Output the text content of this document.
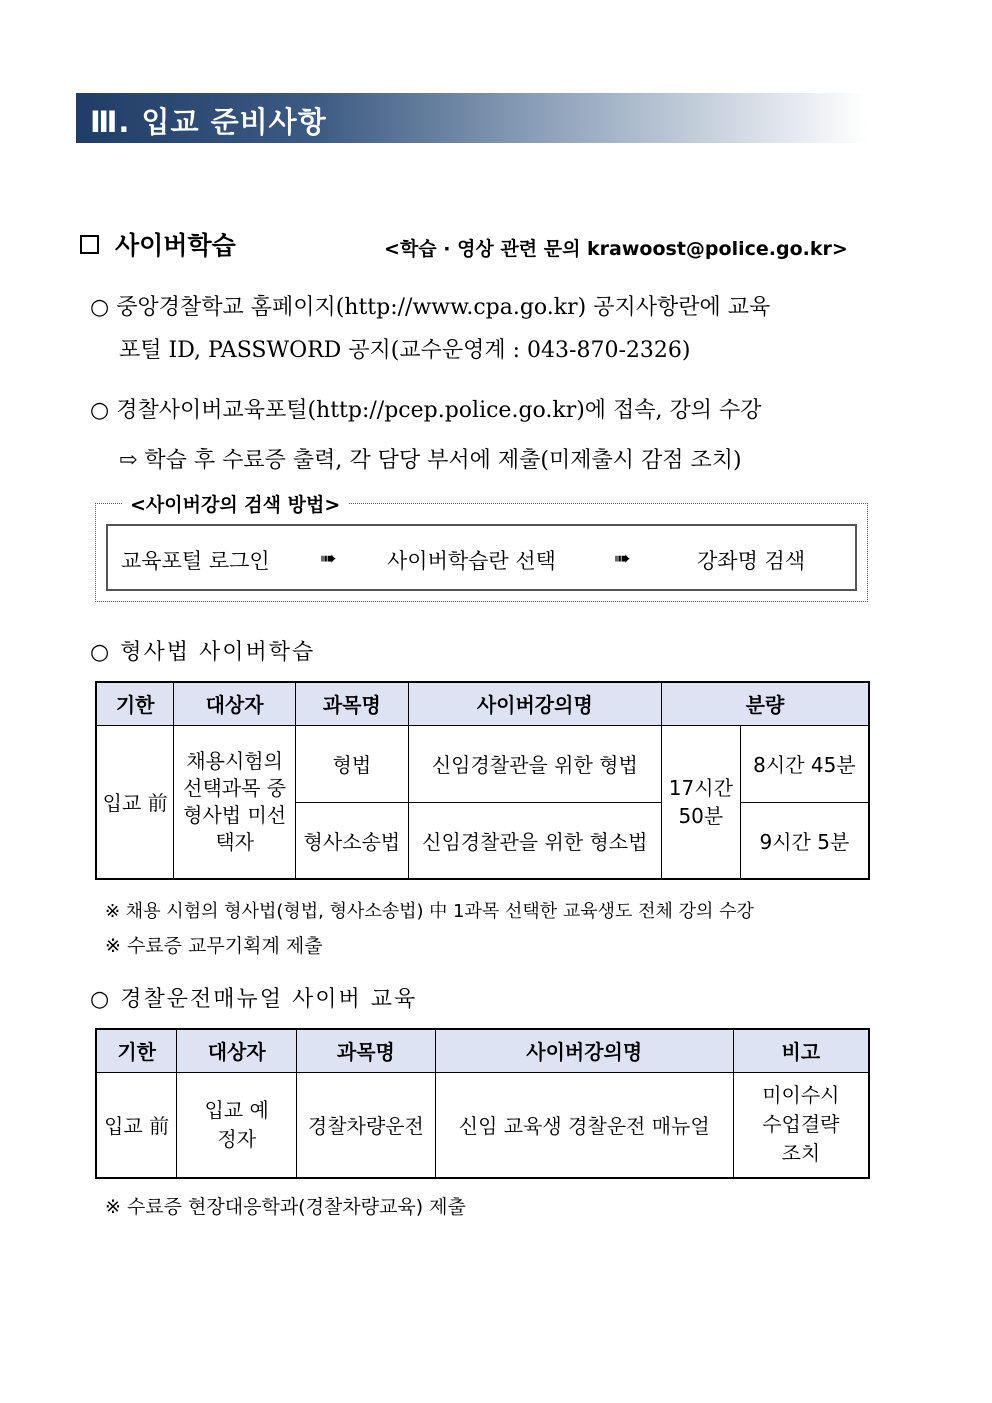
Ⅲ. 입교 준비사항
사이버학습	<학습 · 영상 관련 문의 krawoost@police.go.kr>
○ 중앙경찰학교 홈페이지(http://www.cpa.go.kr) 공지사항란에 교육
포털 ID, PASSWORD 공지(교수운영계 : 043-870-2326)
○ 경찰사이버교육포털(http://pcep.police.go.kr)에 접속, 강의 수강
⇨ 학습 후 수료증 출력, 각 담당 부서에 제출(미제출시 감점 조치)
<사이버강의 검색 방법>
교육포털 로그인	➠ 사이버학습란 선택	➠	강좌명 검색
○ 형사법 사이버학습
기한	대상자	과목명	사이버강의명	분량	
입교 前	채용시험의 선택과목 중 형사법 미선택자	형법	신임경찰관을 위한 형법	17시간 50분	8시간 45분
		형사소송법	신임경찰관을 위한 형소법		9시간 5분
※ 채용 시험의 형사법(형법, 형사소송법) 中 1과목 선택한 교육생도 전체 강의 수강
※ 수료증 교무기획계 제출
○ 경찰운전매뉴얼 사이버 교육
기한	대상자	과목명	사이버강의명	비고
입교 前	입교 예정자	경찰차량운전	신임 교육생 경찰운전 매뉴얼	미이수시 수업결략 조치
※ 수료증 현장대응학과(경찰차량교육) 제출
